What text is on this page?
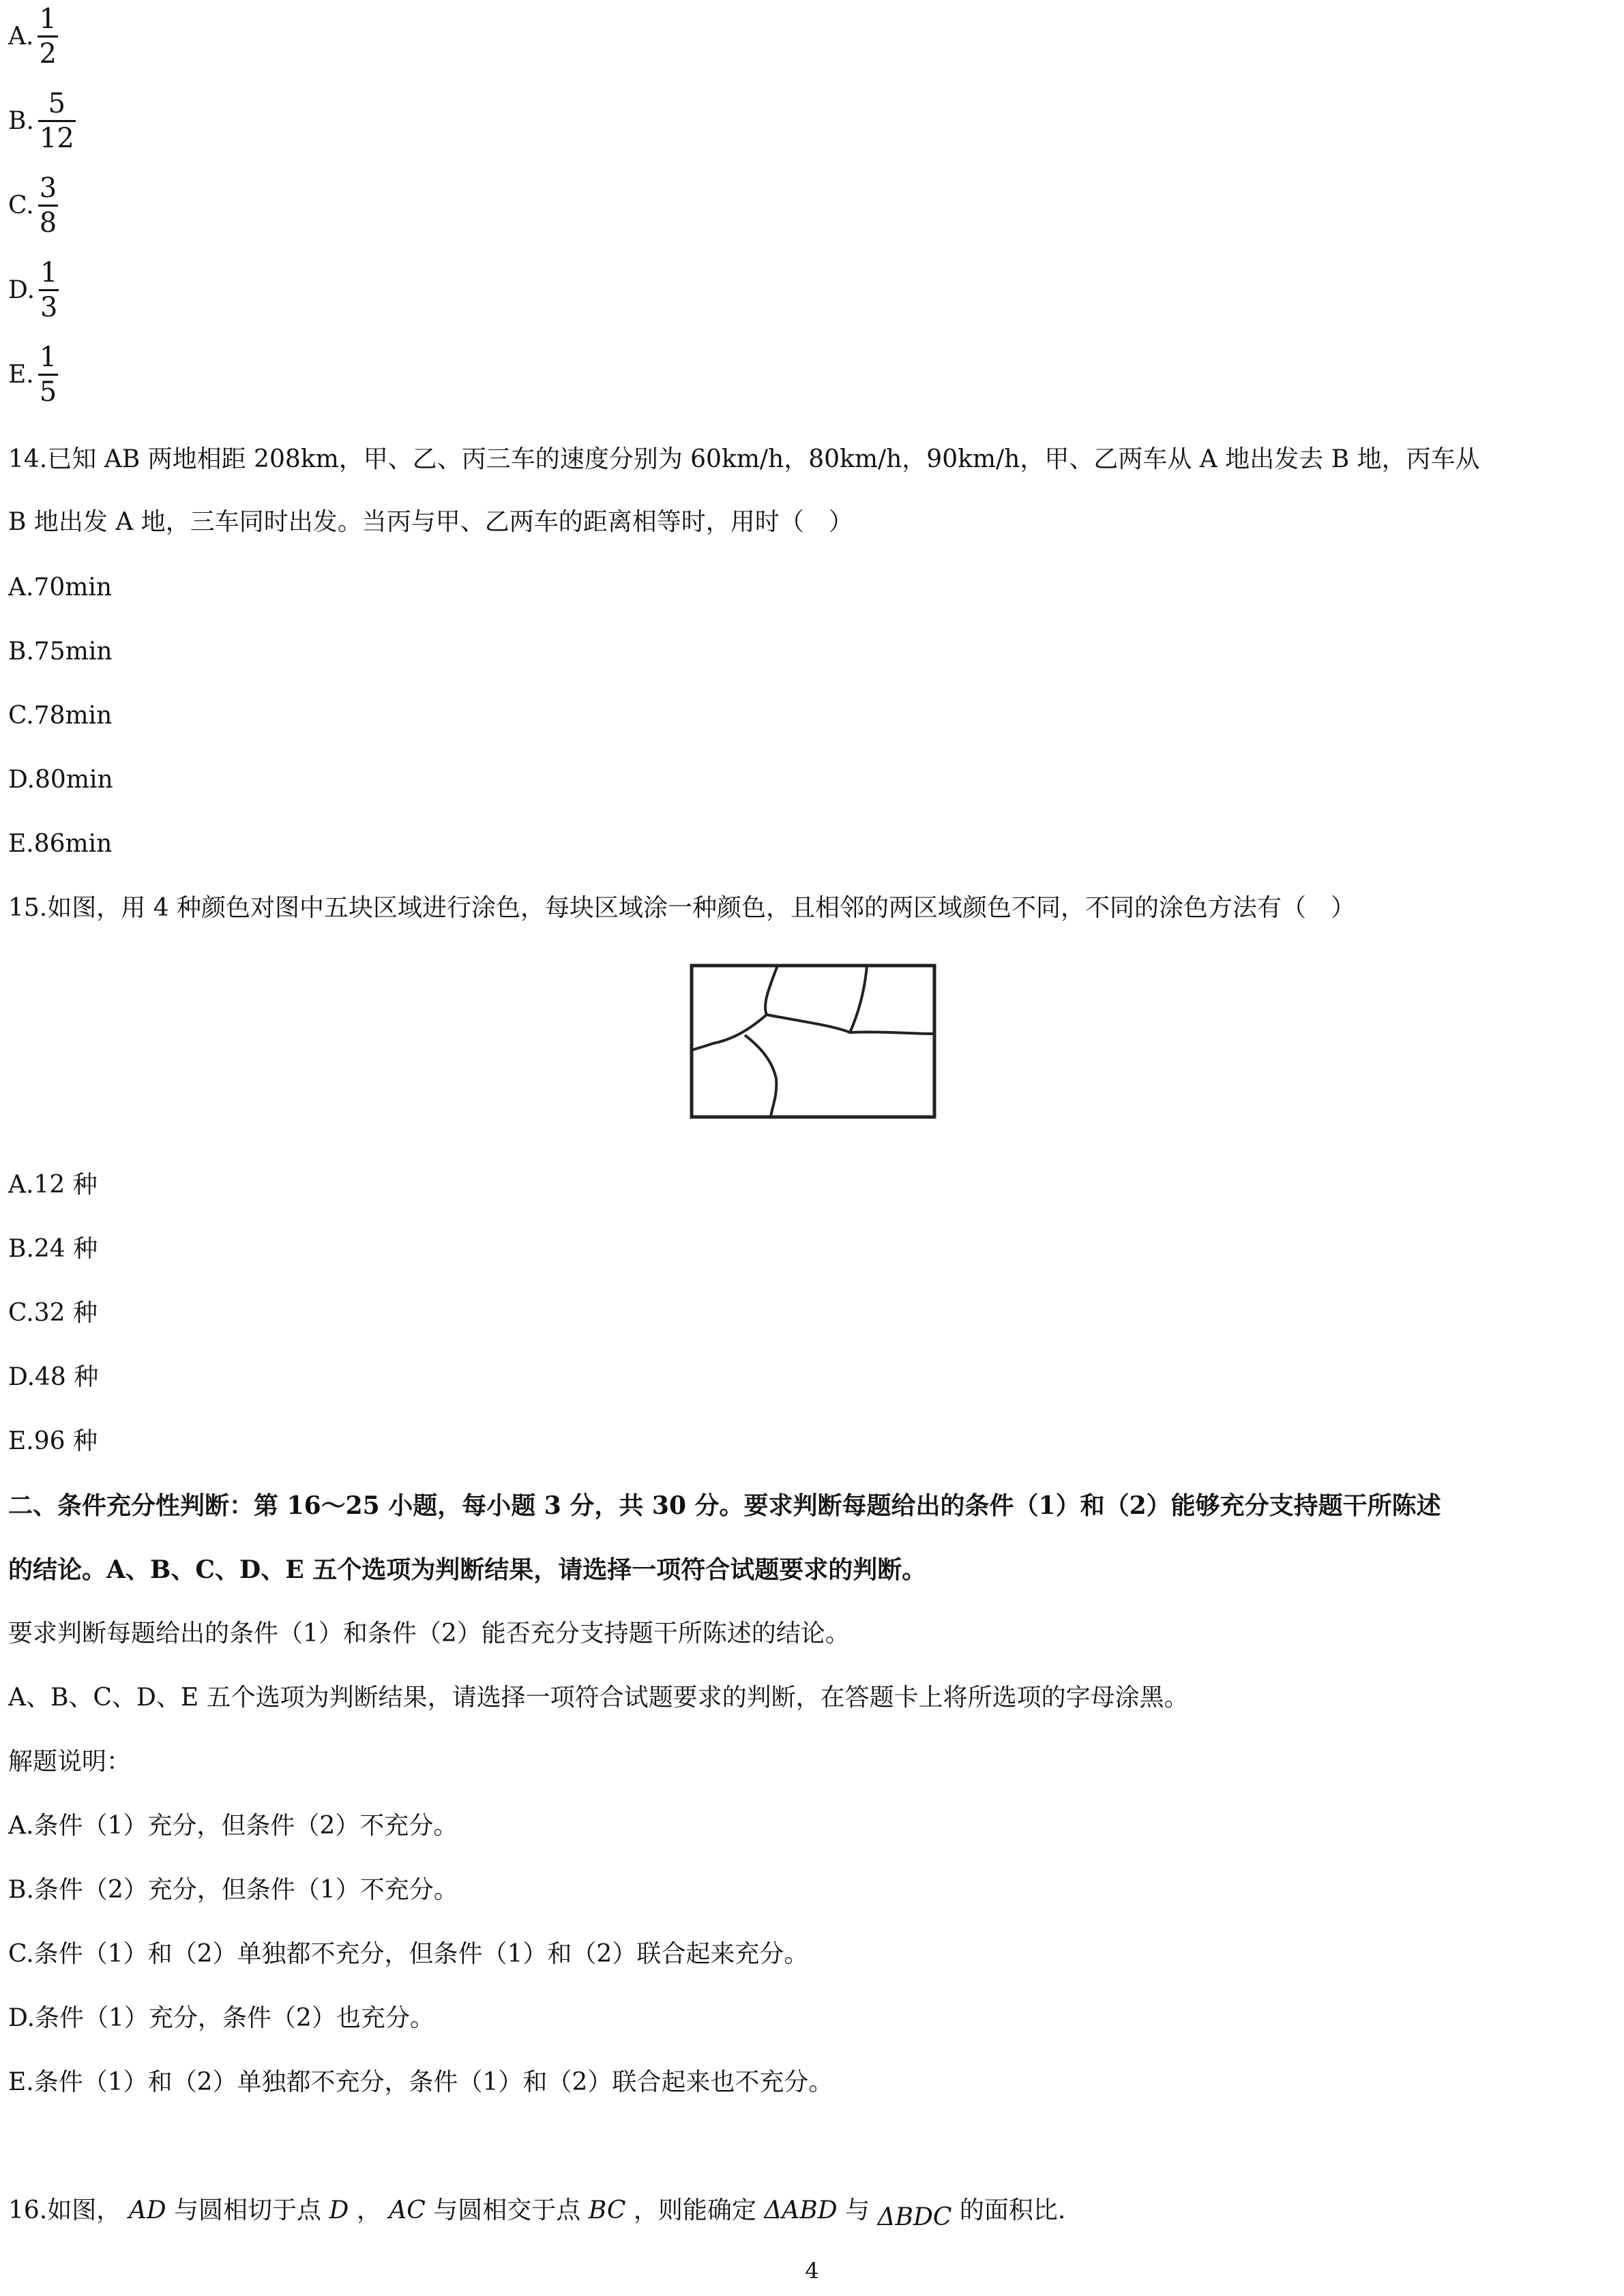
A. $\frac{1}{2}$
B. $\frac{5}{12}$
C. $\frac{3}{8}$
D. $\frac{1}{3}$
E. $\frac{1}{5}$
14.已知 AB 两地相距 208km，甲、乙、丙三车的速度分别为 60km/h，80km/h，90km/h，甲、乙两车从 A 地出发去 B 地，丙车从
B 地出发 A 地，三车同时出发。当丙与甲、乙两车的距离相等时，用时（　）
A.70min
B.75min
C.78min
D.80min
E.86min
15.如图，用 4 种颜色对图中五块区域进行涂色，每块区域涂一种颜色，且相邻的两区域颜色不同，不同的涂色方法有（　）
A.12 种
B.24 种
C.32 种
D.48 种
E.96 种
二、条件充分性判断：第 16～25 小题，每小题 3 分，共 30 分。要求判断每题给出的条件（1）和（2）能够充分支持题干所陈述
的结论。A、B、C、D、E 五个选项为判断结果，请选择一项符合试题要求的判断。
要求判断每题给出的条件（1）和条件（2）能否充分支持题干所陈述的结论。
A、B、C、D、E 五个选项为判断结果，请选择一项符合试题要求的判断，在答题卡上将所选项的字母涂黑。
解题说明：
A.条件（1）充分，但条件（2）不充分。
B.条件（2）充分，但条件（1）不充分。
C.条件（1）和（2）单独都不充分，但条件（1）和（2）联合起来充分。
D.条件（1）充分，条件（2）也充分。
E.条件（1）和（2）单独都不充分，条件（1）和（2）联合起来也不充分。
16.如图， AD 与圆相切于点 D ， AC 与圆相交于点 BC ，则能确定 ΔABD 与 ΔBDC 的面积比.
4
